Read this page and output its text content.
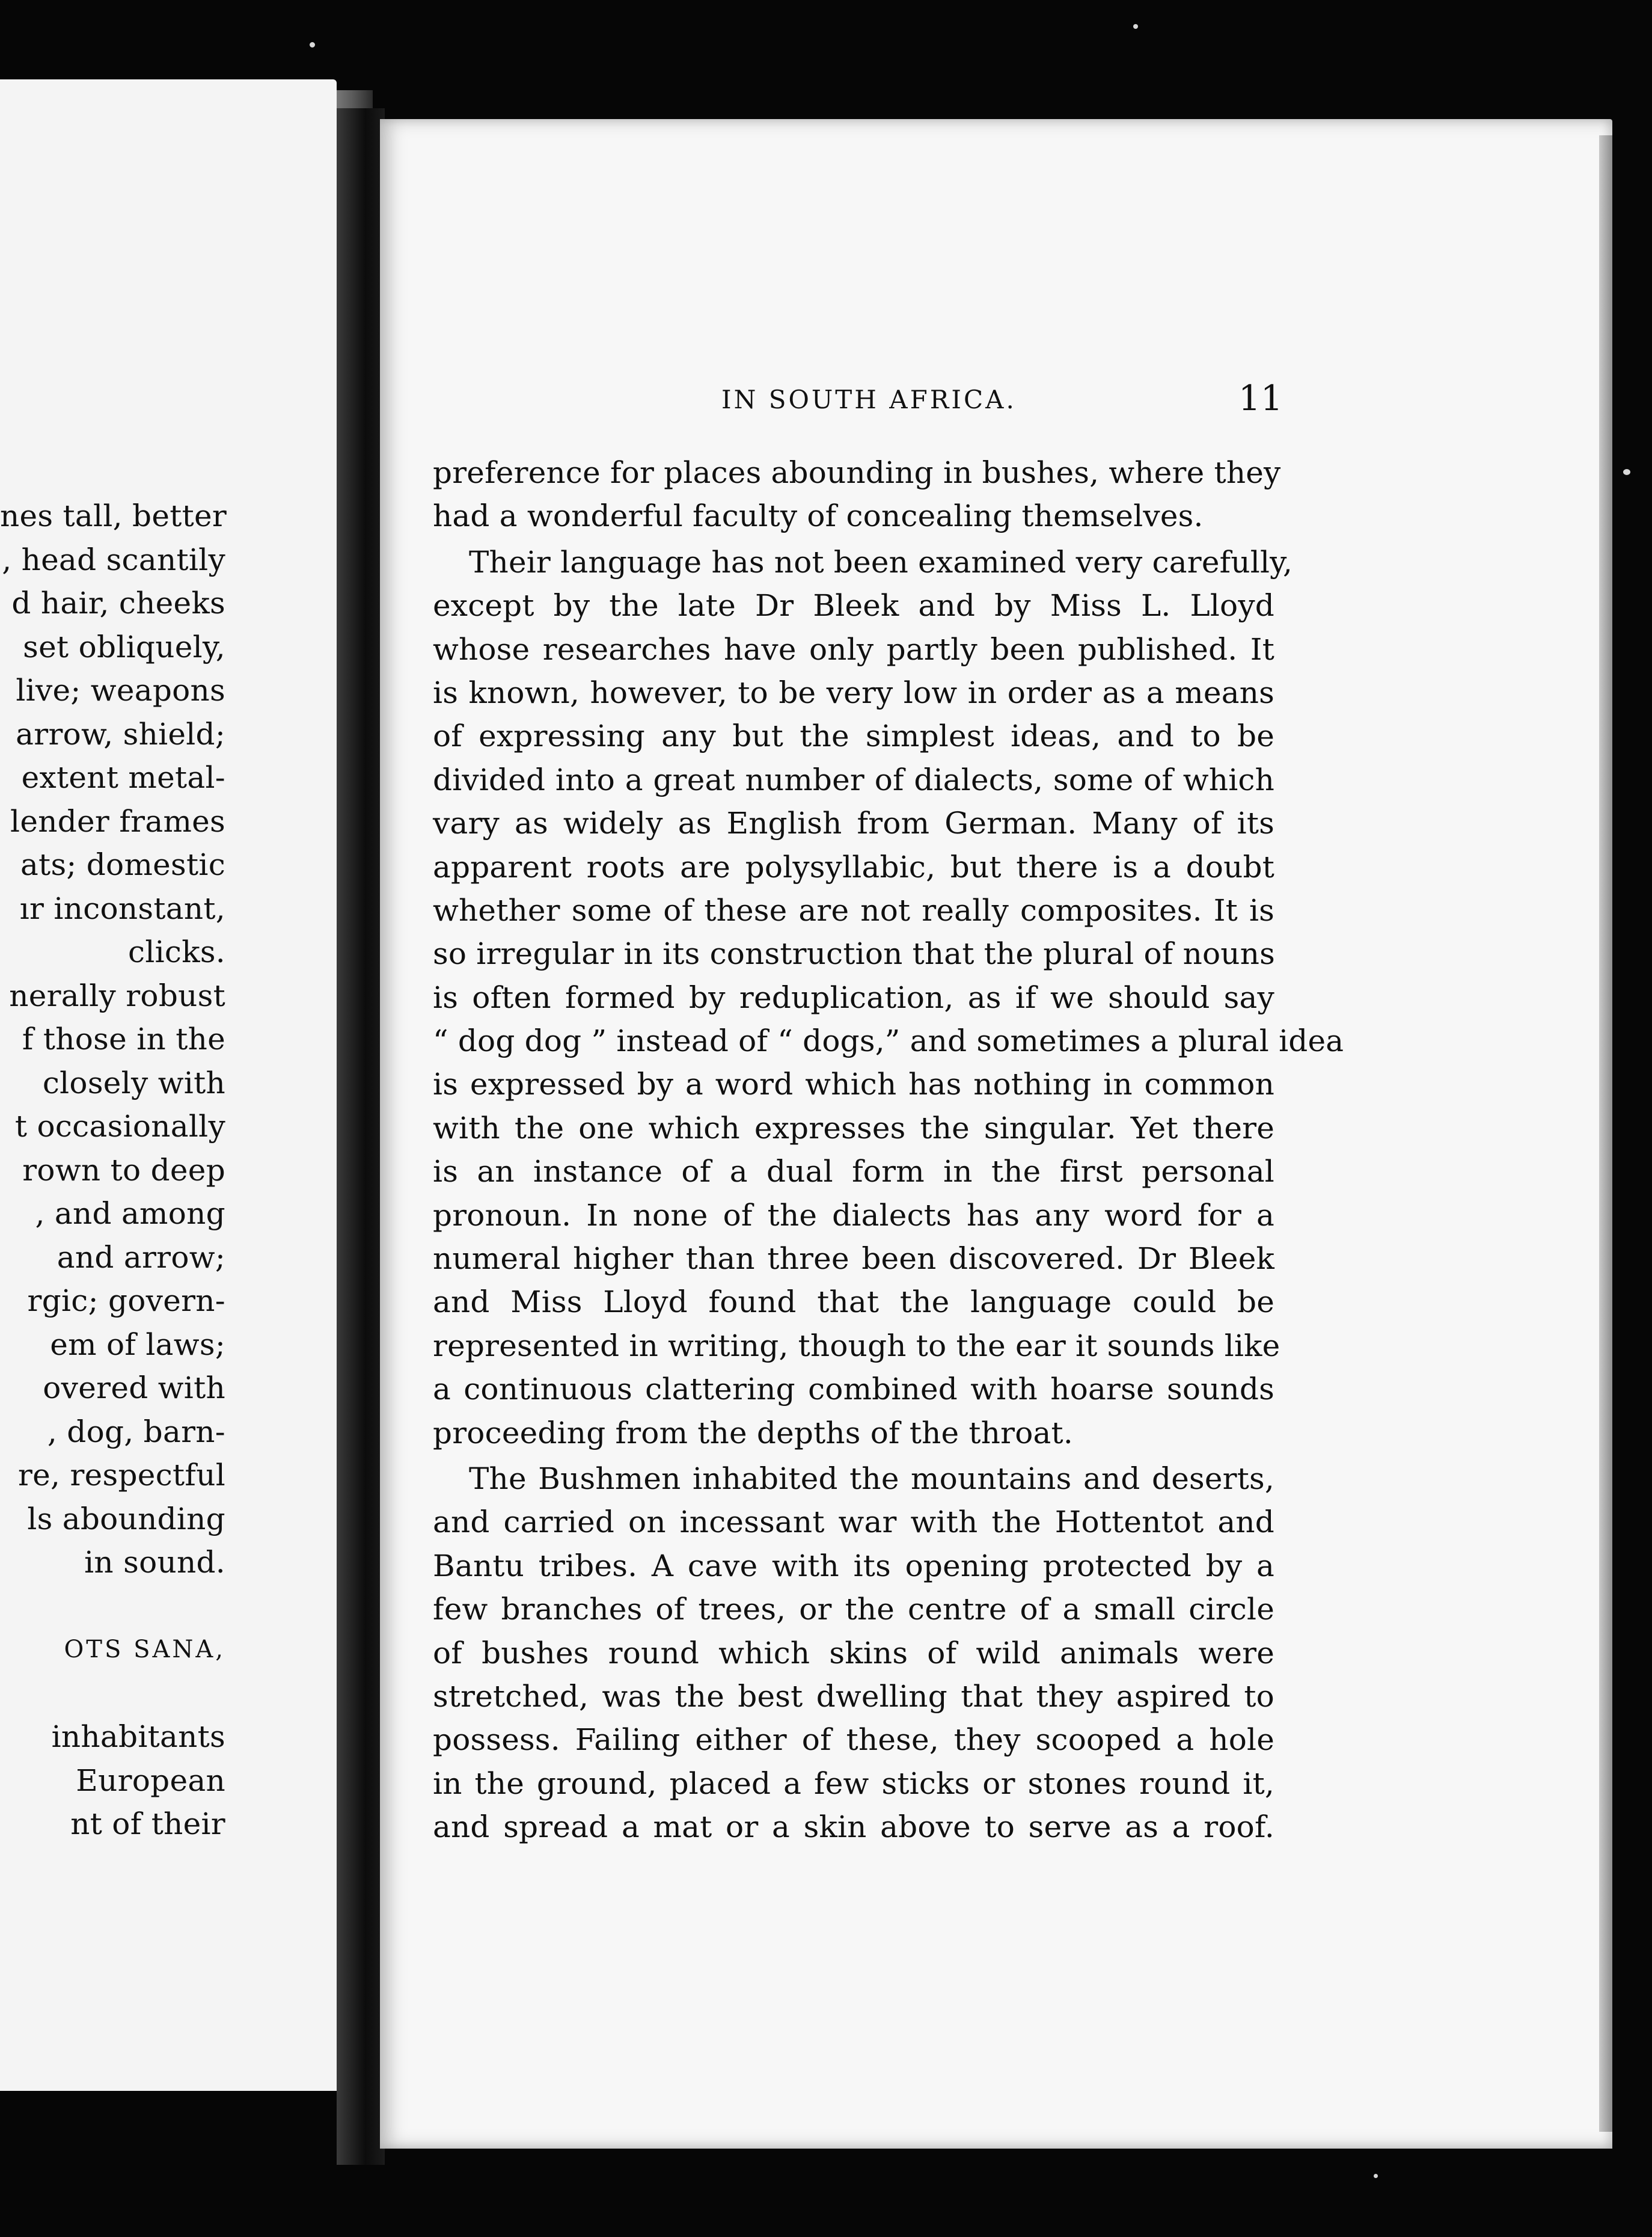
nes tall, better
, head scantily
d hair, cheeks
set obliquely,
live; weapons
arrow, shield;
extent metal-
lender frames
ats; domestic
ır inconstant,
clicks.
nerally robust
f those in the
closely with
t occasionally
rown to deep
, and among
and arrow;
rgic; govern-
em of laws;
overed with
, dog, barn-
re, respectful
ls abounding
in sound.
OTS SANA,
inhabitants
European
nt of their
IN SOUTH AFRICA.	11
preference for places abounding in bushes, where they
had a wonderful faculty of concealing themselves.
Their language has not been examined very carefully,
except by the late Dr Bleek and by Miss L. Lloyd
whose researches have only partly been published. It
is known, however, to be very low in order as a means
of expressing any but the simplest ideas, and to be
divided into a great number of dialects, some of which
vary as widely as English from German. Many of its
apparent roots are polysyllabic, but there is a doubt
whether some of these are not really composites. It is
so irregular in its construction that the plural of nouns
is often formed by reduplication, as if we should say
“ dog dog ” instead of “ dogs,” and sometimes a plural idea
is expressed by a word which has nothing in common
with the one which expresses the singular. Yet there
is an instance of a dual form in the first personal
pronoun. In none of the dialects has any word for a
numeral higher than three been discovered. Dr Bleek
and Miss Lloyd found that the language could be
represented in writing, though to the ear it sounds like
a continuous clattering combined with hoarse sounds
proceeding from the depths of the throat.
The Bushmen inhabited the mountains and deserts,
and carried on incessant war with the Hottentot and
Bantu tribes. A cave with its opening protected by a
few branches of trees, or the centre of a small circle
of bushes round which skins of wild animals were
stretched, was the best dwelling that they aspired to
possess. Failing either of these, they scooped a hole
in the ground, placed a few sticks or stones round it,
and spread a mat or a skin above to serve as a roof.
